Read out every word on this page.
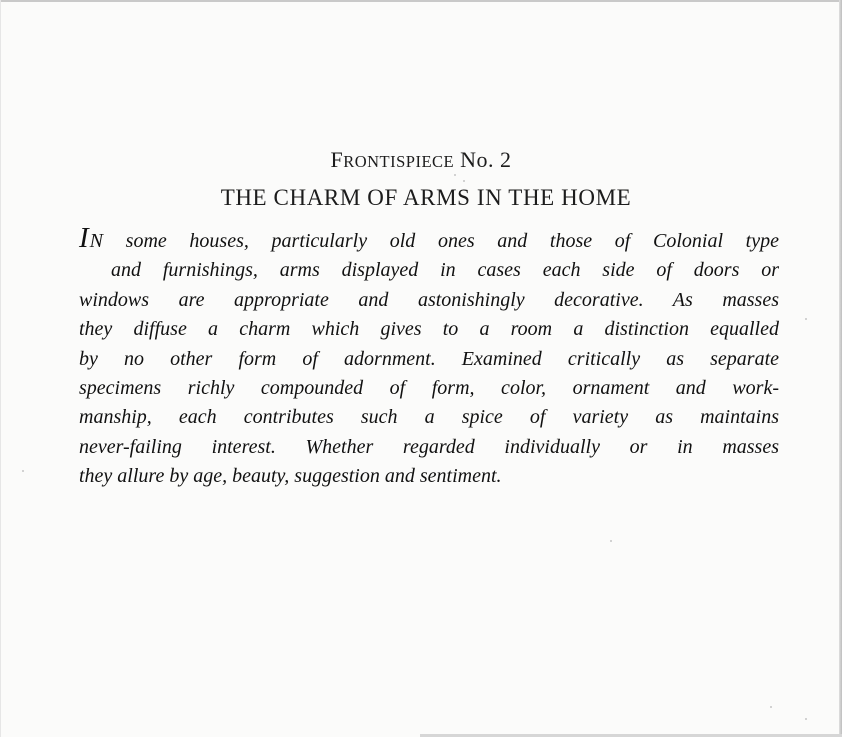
FRONTISPIECE No. 2
THE CHARM OF ARMS IN THE HOME
IN some houses, particularly old ones and those of Colonial type
and furnishings, arms displayed in cases each side of doors or
windows are appropriate and astonishingly decorative. As masses
they diffuse a charm which gives to a room a distinction equalled
by no other form of adornment. Examined critically as separate
specimens richly compounded of form, color, ornament and work-
manship, each contributes such a spice of variety as maintains
never-failing interest. Whether regarded individually or in masses
they allure by age, beauty, suggestion and sentiment.
